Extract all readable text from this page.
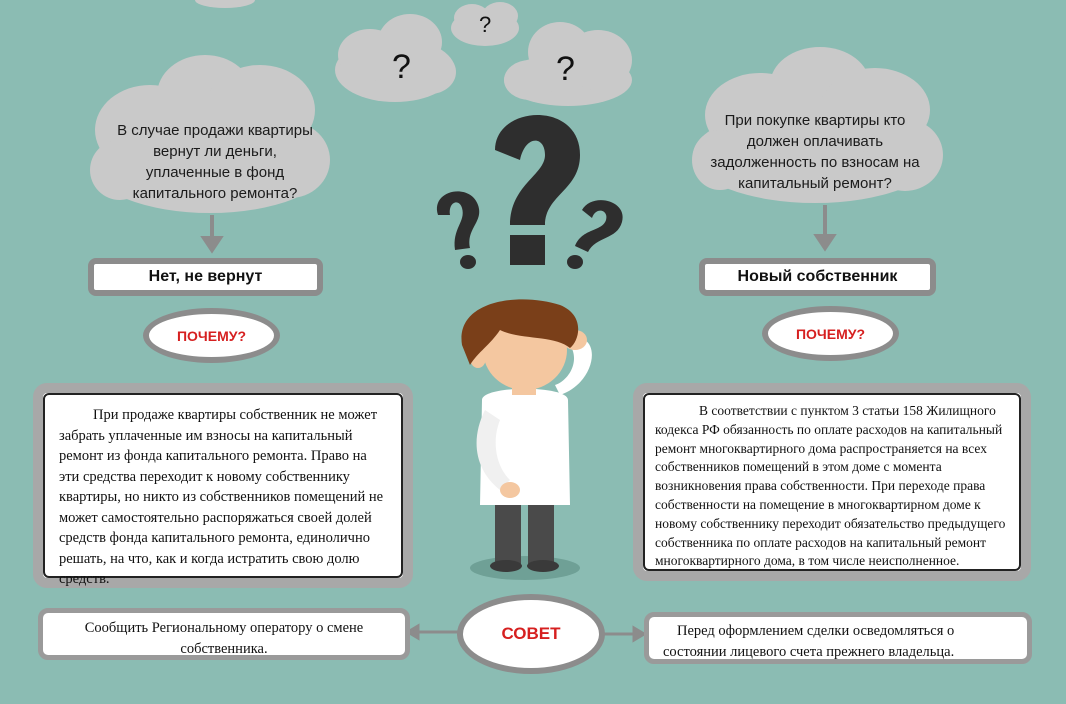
?
?
?
В случае продажи квартиры вернут ли деньги, уплаченные в фонд капитального ремонта?
При покупке квартиры кто должен оплачивать задолженность по взносам на капитальный ремонт?
Нет, не вернут	Новый собственник
ПОЧЕМУ?	ПОЧЕМУ?
При продаже квартиры собственник не может забрать уплаченные им взносы на капитальный ремонт из фонда капитального ремонта. Право на эти средства переходит к новому собственнику квартиры, но никто из собственников помещений не может самостоятельно распоряжаться своей долей средств фонда капитального ремонта, единолично решать, на что, как и когда истратить свою долю средств.
В соответствии с пунктом 3 статьи 158 Жилищного кодекса РФ обязанность по оплате расходов на капитальный ремонт многоквартирного дома распространяется на всех собственников помещений в этом доме с момента возникновения права собственности. При переходе права собственности на помещение в многоквартирном доме к новому собственнику переходит обязательство предыдущего собственника по оплате расходов на капитальный ремонт многоквартирного дома, в том числе неисполненное.
СОВЕТ
Сообщить Региональному оператору о смене собственника.
Перед оформлением сделки осведомляться о состоянии лицевого счета прежнего владельца.
